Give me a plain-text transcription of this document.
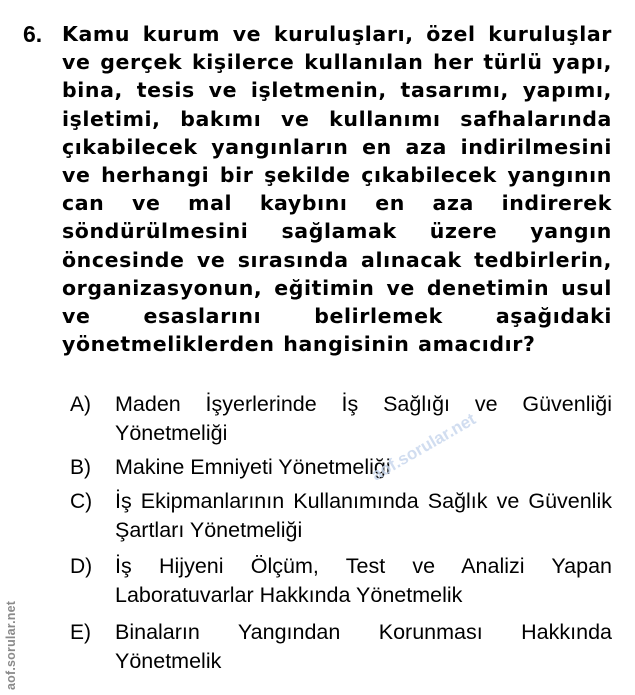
6. Kamu kurum ve kuruluşları, özel kuruluşlar ve gerçek kişilerce kullanılan her türlü yapı, bina, tesis ve işletmenin, tasarımı, yapımı, işletimi, bakımı ve kullanımı safhalarında çıkabilecek yangınların en aza indirilmesini ve herhangi bir şekilde çıkabilecek yangının can ve mal kaybını en aza indirerek söndürülmesini sağlamak üzere yangın öncesinde ve sırasında alınacak tedbirlerin, organizasyonun, eğitimin ve denetimin usul ve esaslarını belirlemek aşağıdaki yönetmeliklerden hangisinin amacıdır?
A) Maden İşyerlerinde İş Sağlığı ve Güvenliği Yönetmeliği
B) Makine Emniyeti Yönetmeliği
C) İş Ekipmanlarının Kullanımında Sağlık ve Güvenlik Şartları Yönetmeliği
D) İş Hijyeni Ölçüm, Test ve Analizi Yapan Laboratuvarlar Hakkında Yönetmelik
E) Binaların Yangından Korunması Hakkında Yönetmelik
aof.sorular.net
aof.sorular.net
